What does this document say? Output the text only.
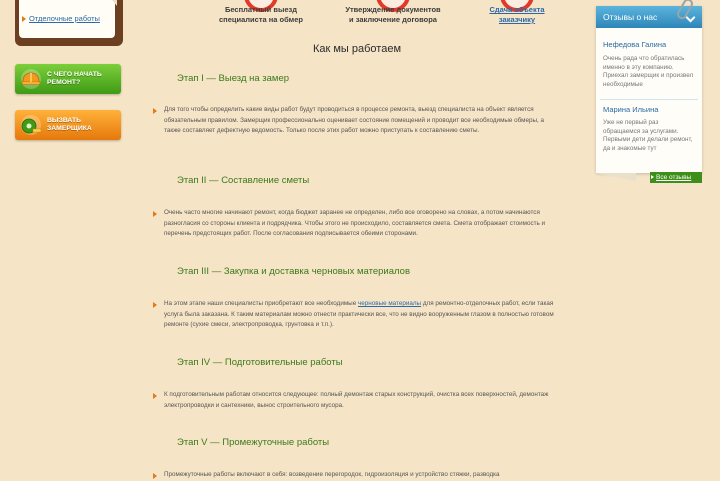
Отделочные работы
С ЧЕГО НАЧАТЬ РЕМОНТ?
ВЫЗВАТЬ ЗАМЕРЩИКА
Бесплатный выезд
специалиста на обмер
Утверждение документов
и заключение договора
Сдача объекта
заказчику
Как мы работаем
Этап I — Выезд на замер
Для того чтобы определить какие виды работ будут проводиться в процессе ремонта, выезд специалиста на объект является обязательным правилом. Замерщик профессионально оценивает состояние помещений и проводит все необходимые обмеры, а также составляет дефектную ведомость. Только после этих работ можно приступать к составлению сметы.
Этап II — Составление сметы
Очень часто многие начинают ремонт, когда бюджет заранее не определен, либо все оговорено на словах, а потом начинаются разногласия со стороны клиента и подрядчика. Чтобы этого не происходило, составляется смета. Смета отображает стоимость и перечень предстоящих работ. После согласования подписывается обеими сторонами.
Этап III — Закупка и доставка черновых материалов
На этом этапе наши специалисты приобретают все необходимые черновые материалы для ремонтно-отделочных работ, если такая услуга была заказана. К таким материалам можно отнести практически все, что не видно вооруженным глазом в полностью готовом ремонте (сухие смеси, электропроводка, грунтовка и т.п.).
Этап IV — Подготовительные работы
К подготовительным работам относится следующее: полный демонтаж старых конструкций, очистка всех поверхностей, демонтаж электропроводки и сантехники, вынос строительного мусора.
Этап V — Промежуточные работы
Промежуточные работы включают в себя: возведение перегородок, гидроизоляция и устройство стяжки, разводка
Отзывы о нас
Нефедова Галина
Очень рада что обратилась именно в эту компанию. Приехал замерщик и произвел необходимые
Марина Ильина
Уже не первый раз обращаемся за услугами. Первыми дети делали ремонт, да и знакомые тут
Все отзывы
